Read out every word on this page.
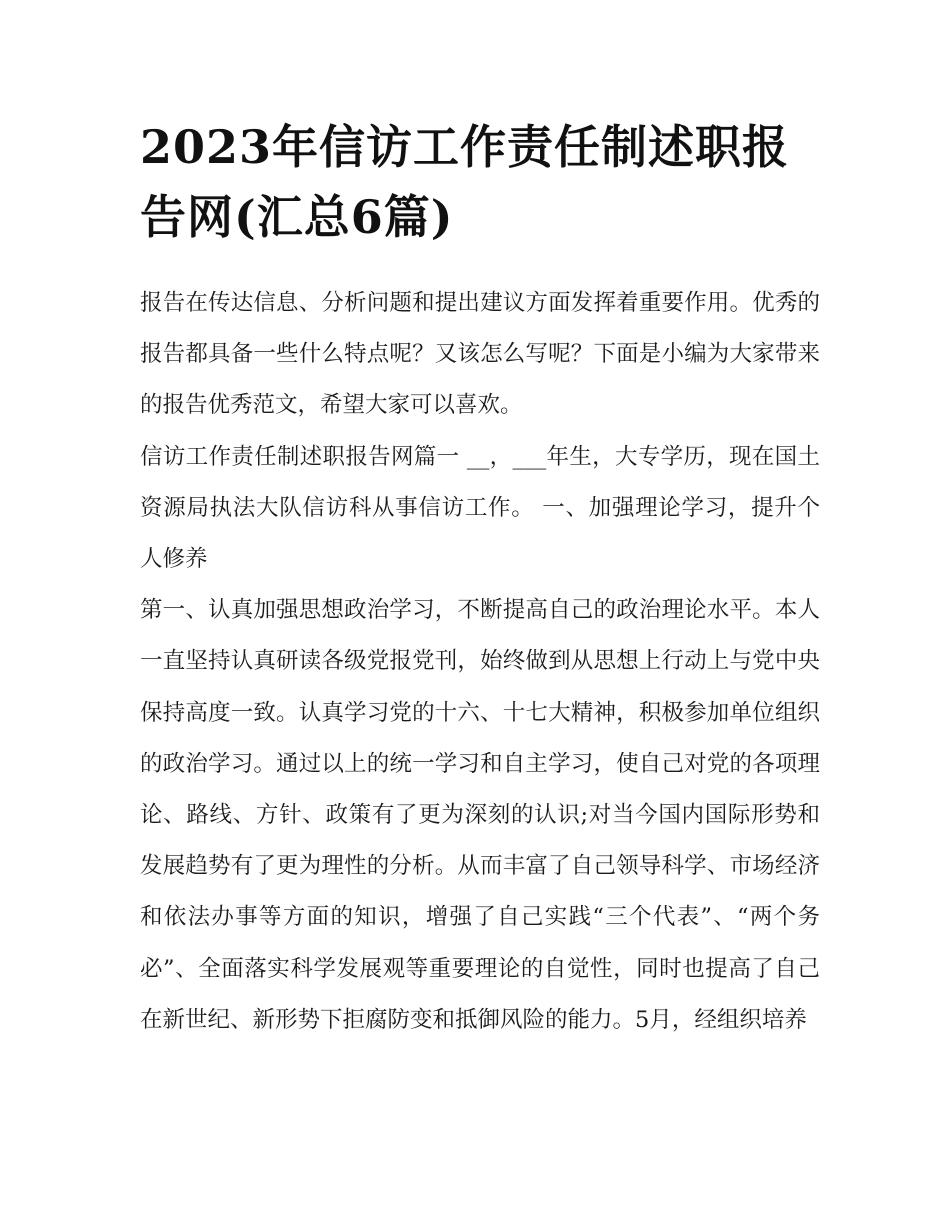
2023年信访工作责任制述职报告网(汇总6篇)

报告在传达信息、分析问题和提出建议方面发挥着重要作用。优秀的报告都具备一些什么特点呢？又该怎么写呢？下面是小编为大家带来的报告优秀范文，希望大家可以喜欢。

信访工作责任制述职报告网篇一 __，___年生，大专学历，现在国土资源局执法大队信访科从事信访工作。 一、加强理论学习，提升个人修养

第一、认真加强思想政治学习，不断提高自己的政治理论水平。本人一直坚持认真研读各级党报党刊，始终做到从思想上行动上与党中央保持高度一致。认真学习党的十六、十七大精神，积极参加单位组织的政治学习。通过以上的统一学习和自主学习，使自己对党的各项理论、路线、方针、政策有了更为深刻的认识;对当今国内国际形势和发展趋势有了更为理性的分析。从而丰富了自己领导科学、市场经济和依法办事等方面的知识，增强了自己实践“三个代表”、“两个务必”、全面落实科学发展观等重要理论的自觉性，同时也提高了自己在新世纪、新形势下拒腐防变和抵御风险的能力。5月，经组织培养
